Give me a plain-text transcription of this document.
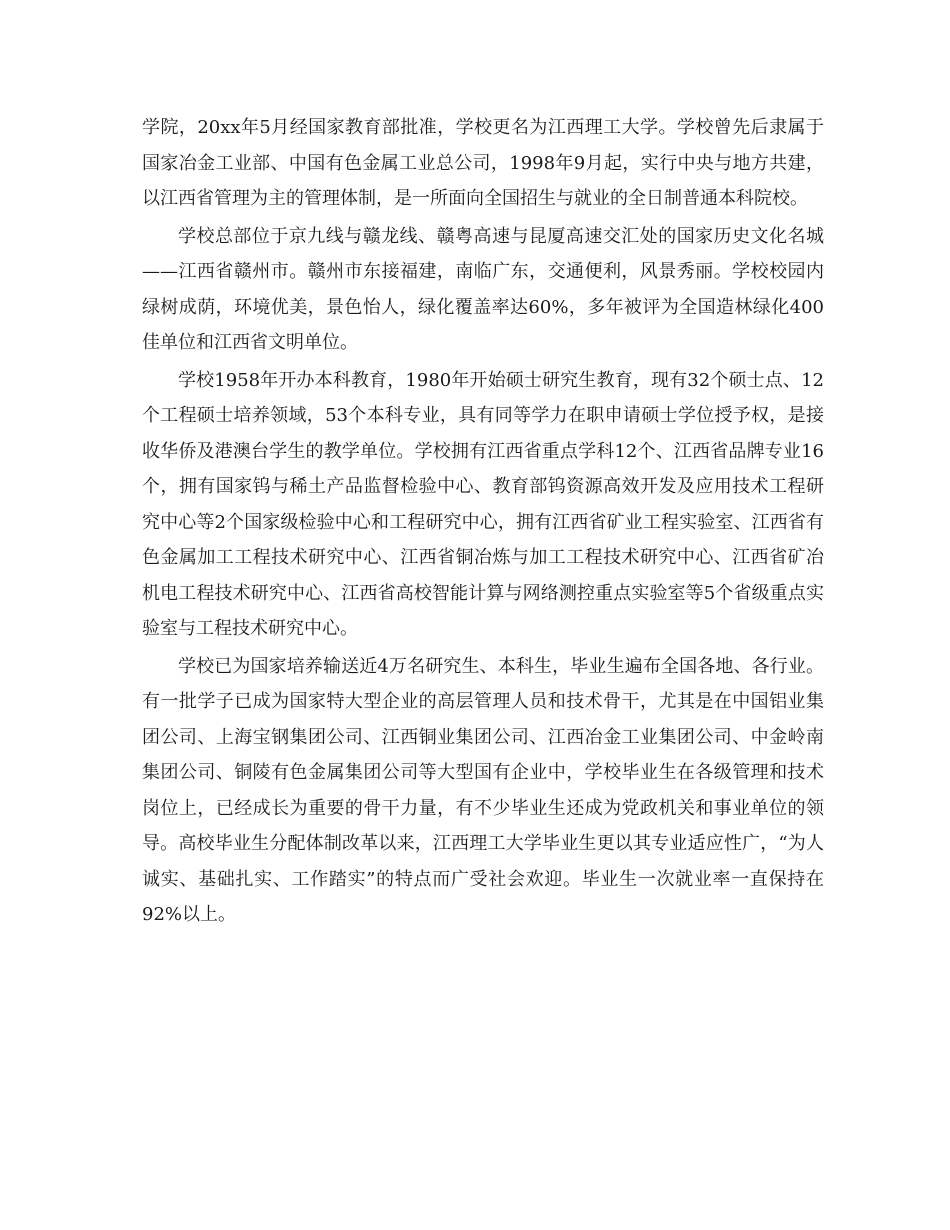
学院，20xx年5月经国家教育部批准，学校更名为江西理工大学。学校曾先后隶属于国家冶金工业部、中国有色金属工业总公司，1998年9月起，实行中央与地方共建，以江西省管理为主的管理体制，是一所面向全国招生与就业的全日制普通本科院校。

学校总部位于京九线与赣龙线、赣粤高速与昆厦高速交汇处的国家历史文化名城——江西省赣州市。赣州市东接福建，南临广东，交通便利，风景秀丽。学校校园内绿树成荫，环境优美，景色怡人，绿化覆盖率达60%，多年被评为全国造林绿化400佳单位和江西省文明单位。

学校1958年开办本科教育，1980年开始硕士研究生教育，现有32个硕士点、12个工程硕士培养领域，53个本科专业，具有同等学力在职申请硕士学位授予权，是接收华侨及港澳台学生的教学单位。学校拥有江西省重点学科12个、江西省品牌专业16个，拥有国家钨与稀土产品监督检验中心、教育部钨资源高效开发及应用技术工程研究中心等2个国家级检验中心和工程研究中心，拥有江西省矿业工程实验室、江西省有色金属加工工程技术研究中心、江西省铜冶炼与加工工程技术研究中心、江西省矿冶机电工程技术研究中心、江西省高校智能计算与网络测控重点实验室等5个省级重点实验室与工程技术研究中心。

学校已为国家培养输送近4万名研究生、本科生，毕业生遍布全国各地、各行业。有一批学子已成为国家特大型企业的高层管理人员和技术骨干，尤其是在中国铝业集团公司、上海宝钢集团公司、江西铜业集团公司、江西冶金工业集团公司、中金岭南集团公司、铜陵有色金属集团公司等大型国有企业中，学校毕业生在各级管理和技术岗位上，已经成长为重要的骨干力量，有不少毕业生还成为党政机关和事业单位的领导。高校毕业生分配体制改革以来，江西理工大学毕业生更以其专业适应性广，“为人诚实、基础扎实、工作踏实”的特点而广受社会欢迎。毕业生一次就业率一直保持在92%以上。
